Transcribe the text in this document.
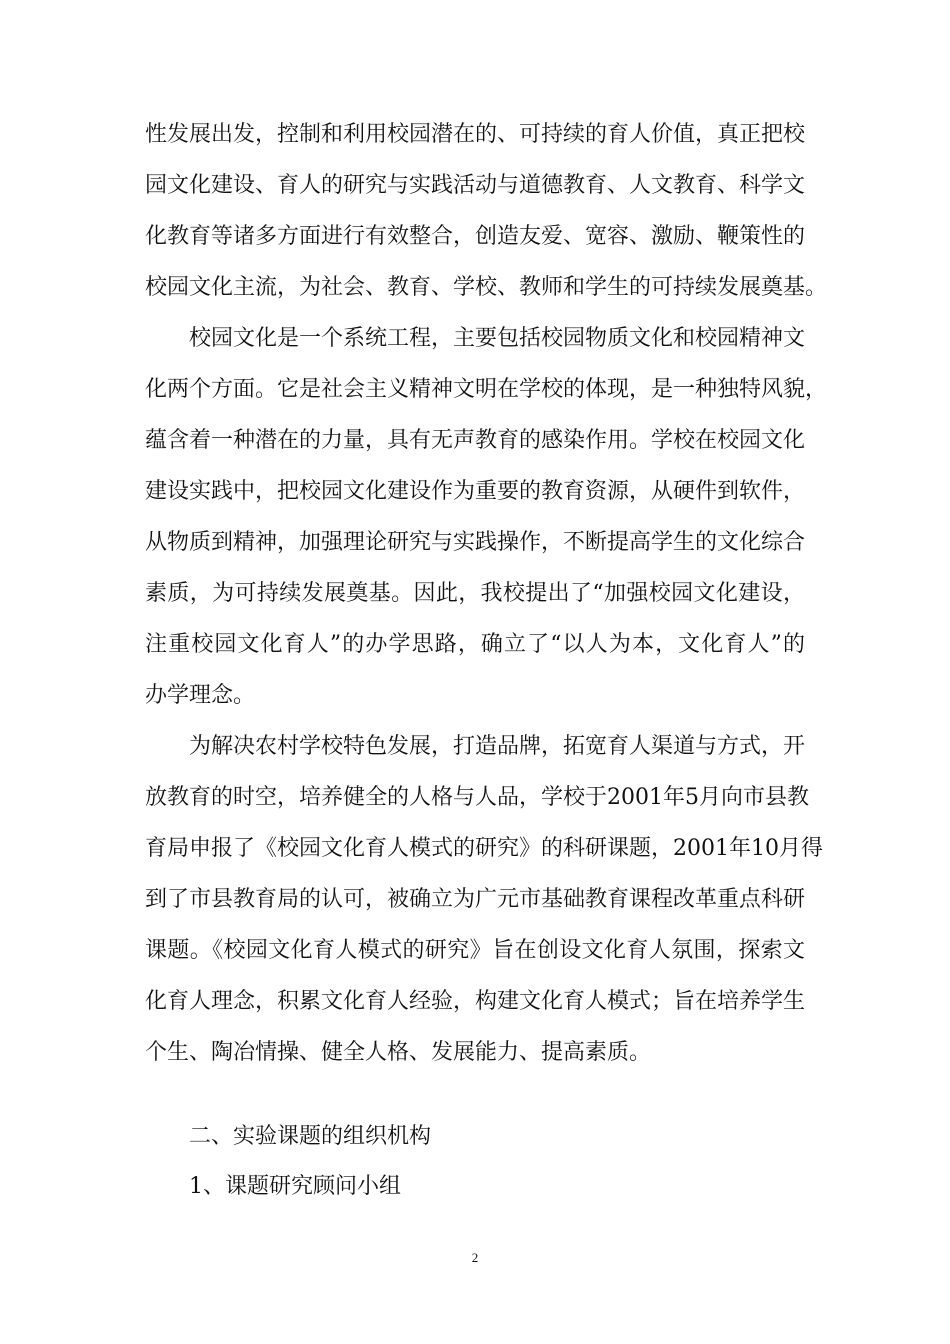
性发展出发，控制和利用校园潜在的、可持续的育人价值，真正把校
园文化建设、育人的研究与实践活动与道德教育、人文教育、科学文
化教育等诸多方面进行有效整合，创造友爱、宽容、激励、鞭策性的
校园文化主流，为社会、教育、学校、教师和学生的可持续发展奠基。
校园文化是一个系统工程，主要包括校园物质文化和校园精神文
化两个方面。它是社会主义精神文明在学校的体现，是一种独特风貌，
蕴含着一种潜在的力量，具有无声教育的感染作用。学校在校园文化
建设实践中，把校园文化建设作为重要的教育资源，从硬件到软件，
从物质到精神，加强理论研究与实践操作，不断提高学生的文化综合
素质，为可持续发展奠基。因此，我校提出了“加强校园文化建设，
注重校园文化育人”的办学思路，确立了“以人为本，文化育人”的
办学理念。
为解决农村学校特色发展，打造品牌，拓宽育人渠道与方式，开
放教育的时空，培养健全的人格与人品，学校于2001年5月向市县教
育局申报了《校园文化育人模式的研究》的科研课题，2001年10月得
到了市县教育局的认可，被确立为广元市基础教育课程改革重点科研
课题。《校园文化育人模式的研究》旨在创设文化育人氛围，探索文
化育人理念，积累文化育人经验，构建文化育人模式；旨在培养学生
个生、陶冶情操、健全人格、发展能力、提高素质。
二、实验课题的组织机构
1、课题研究顾问小组
2
